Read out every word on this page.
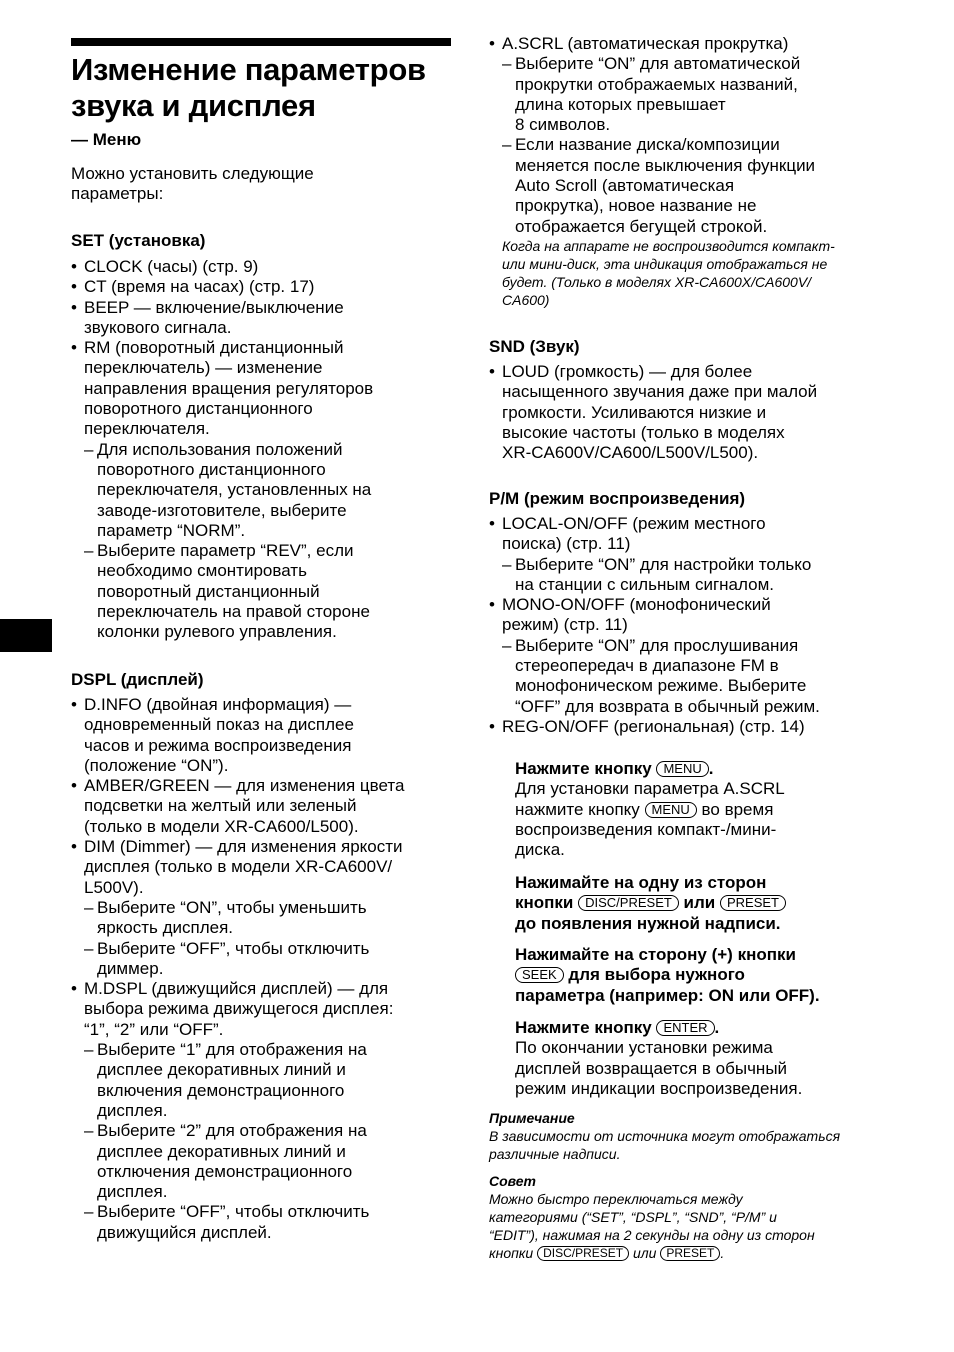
Изменение параметров
звука и дисплея

— Меню

Можно установить следующие
параметры:

SET (установка)

• CLOCK (часы) (стр. 9)
• CT (время на часах) (стр. 17)
• BEEP — включение/выключение
звукового сигнала.
• RM (поворотный дистанционный
переключатель) — изменение
направления вращения регуляторов
поворотного дистанционного
переключателя.
– Для использования положений
поворотного дистанционного
переключателя, установленных на
заводе-изготовителе, выберите
параметр “NORM”.
– Выберите параметр “REV”, если
необходимо смонтировать
поворотный дистанционный
переключатель на правой стороне
колонки рулевого управления.

DSPL (дисплей)

• D.INFO (двойная информация) —
одновременный показ на дисплее
часов и режима воспроизведения
(положение “ON”).
• AMBER/GREEN — для изменения цвета
подсветки на желтый или зеленый
(только в модели XR-CA600/L500).
• DIM (Dimmer) — для изменения яркости
дисплея (только в модели XR-CA600V/
L500V).
– Выберите “ON”, чтобы уменьшить
яркость дисплея.
– Выберите “OFF”, чтобы отключить
диммер.
• M.DSPL (движущийся дисплей) — для
выбора режима движущегося дисплея:
“1”, “2” или “OFF”.
– Выберите “1” для отображения на
дисплее декоративных линий и
включения демонстрационного
дисплея.
– Выберите “2” для отображения на
дисплее декоративных линий и
отключения демонстрационного
дисплея.
– Выберите “OFF”, чтобы отключить
движущийся дисплей.
• A.SCRL (автоматическая прокрутка)
– Выберите “ON” для автоматической
прокрутки отображаемых названий,
длина которых превышает
8 символов.
– Если название диска/композиции
меняется после выключения функции
Auto Scroll (автоматическая
прокрутка), новое название не
отображается бегущей строкой.

Когда на аппарате не воспроизводится компакт-
или мини-диск, эта индикация отображаться не
будет. (Только в моделях XR-CA600X/CA600V/
CA600)

SND (Звук)

• LOUD (громкость) — для более
насыщенного звучания даже при малой
громкости. Усиливаются низкие и
высокие частоты (только в моделях
XR-CA600V/CA600/L500V/L500).

P/M (режим воспроизведения)

• LOCAL-ON/OFF (режим местного
поиска) (стр. 11)
– Выберите “ON” для настройки только
на станции с сильным сигналом.
• MONO-ON/OFF (монофонический
режим) (стр. 11)
– Выберите “ON” для прослушивания
стереопередач в диапазоне FM в
монофоническом режиме. Выберите
“OFF” для возврата в обычный режим.
• REG-ON/OFF (региональная) (стр. 14)

Нажмите кнопку MENU .
Для установки параметра A.SCRL
нажмите кнопку MENU во время
воспроизведения компакт-/мини-
диска.

Нажимайте на одну из сторон
кнопки DISC/PRESET или PRESET
до появления нужной надписи.

Нажимайте на сторону (+) кнопки
SEEK для выбора нужного
параметра (например: ON или OFF).

Нажмите кнопку ENTER .
По окончании установки режима
дисплей возвращается в обычный
режим индикации воспроизведения.

Примечание

В зависимости от источника могут отображаться
различные надписи.

Совет

Можно быстро переключаться между
категориями (“SET”, “DSPL”, “SND”, “P/M” и
“EDIT”), нажимая на 2 секунды на одну из сторон
кнопки DISC/PRESET или PRESET .
